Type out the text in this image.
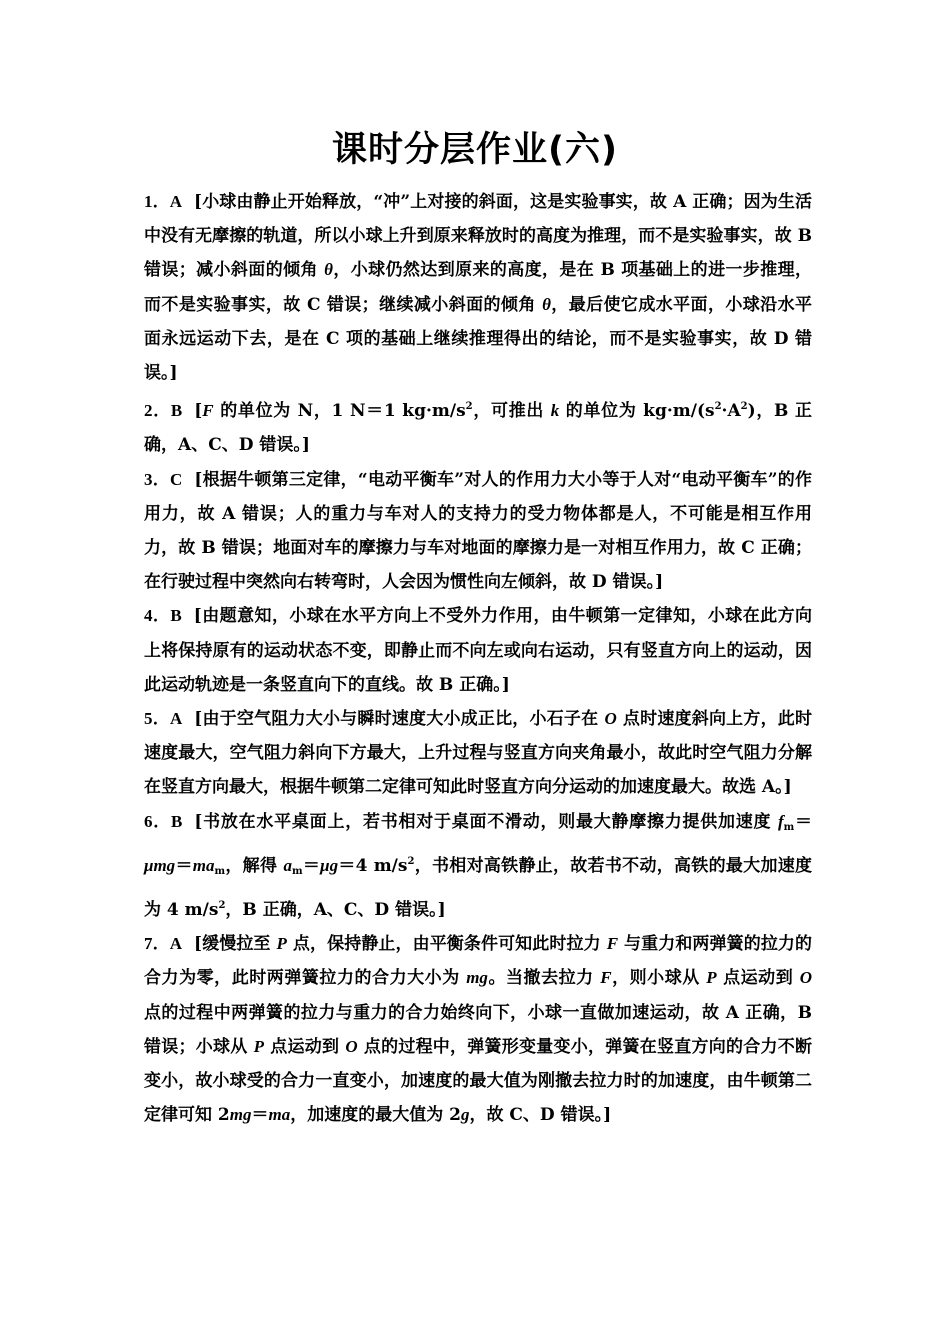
课时分层作业(六)

1．A [小球由静止开始释放，“冲”上对接的斜面，这是实验事实，故 A 正确；因为生活中没有无摩擦的轨道，所以小球上升到原来释放时的高度为推理，而不是实验事实，故 B 错误；减小斜面的倾角 θ，小球仍然达到原来的高度，是在 B 项基础上的进一步推理，而不是实验事实，故 C 错误；继续减小斜面的倾角 θ，最后使它成水平面，小球沿水平面永远运动下去，是在 C 项的基础上继续推理得出的结论，而不是实验事实，故 D 错误。]

2．B [F 的单位为 N，1 N＝1 $kg\cdot m/s^2$，可推出 k 的单位为 $kg\cdot m/(s^2\cdot A^2)$，B 正确，A、C、D 错误。]

3．C [根据牛顿第三定律，“电动平衡车”对人的作用力大小等于人对“电动平衡车”的作用力，故 A 错误；人的重力与车对人的支持力的受力物体都是人，不可能是相互作用力，故 B 错误；地面对车的摩擦力与车对地面的摩擦力是一对相互作用力，故 C 正确；在行驶过程中突然向右转弯时，人会因为惯性向左倾斜，故 D 错误。]

4．B [由题意知，小球在水平方向上不受外力作用，由牛顿第一定律知，小球在此方向上将保持原有的运动状态不变，即静止而不向左或向右运动，只有竖直方向上的运动，因此运动轨迹是一条竖直向下的直线。故 B 正确。]

5．A [由于空气阻力大小与瞬时速度大小成正比，小石子在 O 点时速度斜向上方，此时速度最大，空气阻力斜向下方最大，上升过程与竖直方向夹角最小，故此时空气阻力分解在竖直方向最大，根据牛顿第二定律可知此时竖直方向分运动的加速度最大。故选 A。]

6．B [书放在水平桌面上，若书相对于桌面不滑动，则最大静摩擦力提供加速度 $f_m=\mu mg=ma_m$，解得 $a_m=\mu g=4$ $m/s^2$，书相对高铁静止，故若书不动，高铁的最大加速度为 4 $m/s^2$，B 正确，A、C、D 错误。]

7．A [缓慢拉至 P 点，保持静止，由平衡条件可知此时拉力 F 与重力和两弹簧的拉力的合力为零，此时两弹簧拉力的合力大小为 mg。当撤去拉力 F，则小球从 P 点运动到 O 点的过程中两弹簧的拉力与重力的合力始终向下，小球一直做加速运动，故 A 正确，B 错误；小球从 P 点运动到 O 点的过程中，弹簧形变量变小，弹簧在竖直方向的合力不断变小，故小球受的合力一直变小，加速度的最大值为刚撤去拉力时的加速度，由牛顿第二定律可知 2mg＝ma，加速度的最大值为 2g，故 C、D 错误。]
